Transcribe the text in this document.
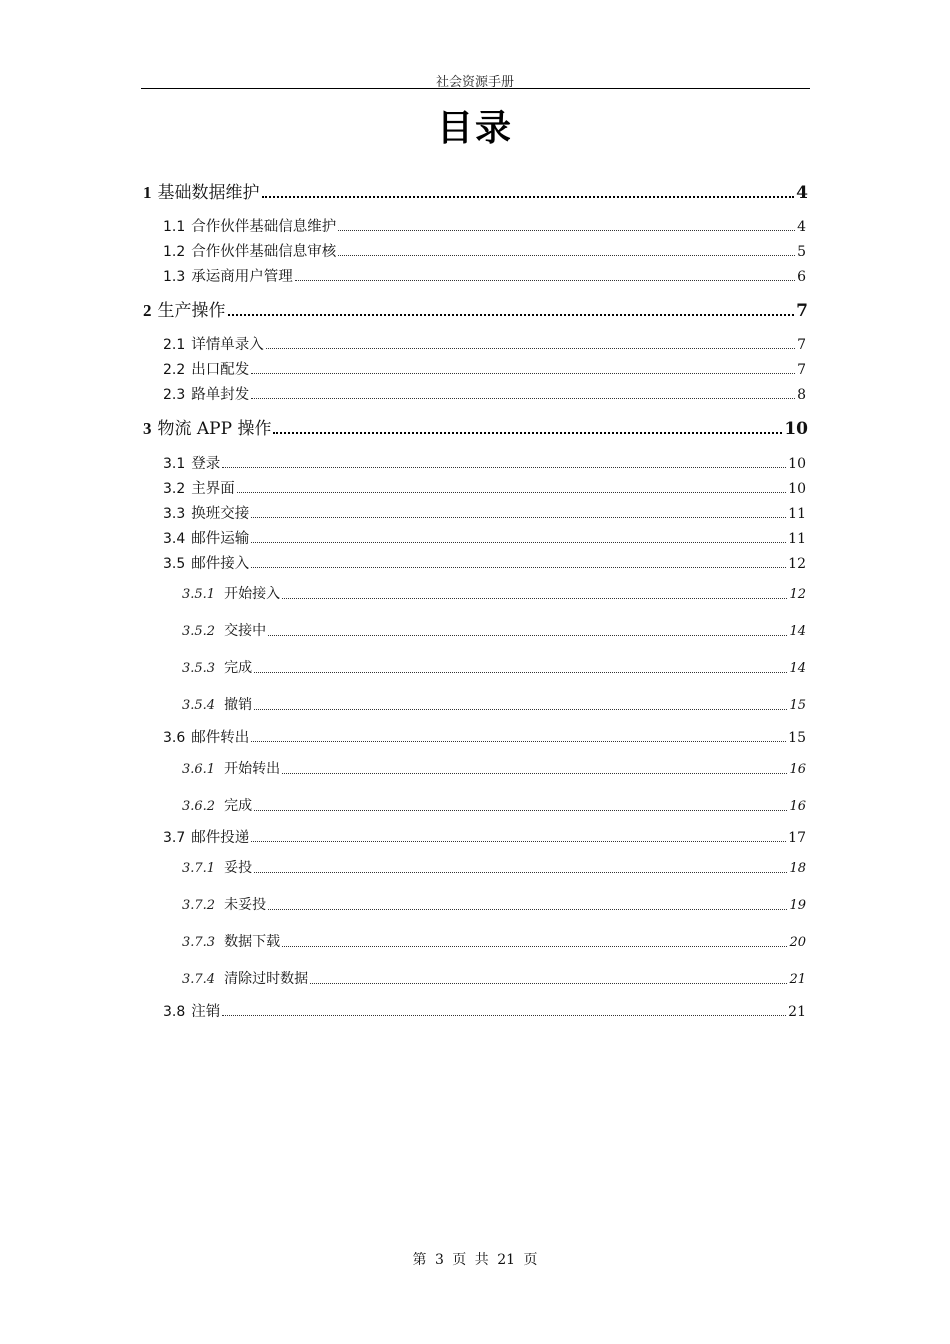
社会资源手册
目录
1 基础数据维护	4
1.1 合作伙伴基础信息维护	4
1.2 合作伙伴基础信息审核	5
1.3 承运商用户管理	6
2 生产操作	7
2.1 详情单录入	7
2.2 出口配发	7
2.3 路单封发	8
3 物流 APP 操作	10
3.1 登录	10
3.2 主界面	10
3.3 换班交接	11
3.4 邮件运输	11
3.5 邮件接入	12
3.5.1 开始接入	12
3.5.2 交接中	14
3.5.3 完成	14
3.5.4 撤销	15
3.6 邮件转出	15
3.6.1 开始转出	16
3.6.2 完成	16
3.7 邮件投递	17
3.7.1 妥投	18
3.7.2 未妥投	19
3.7.3 数据下载	20
3.7.4 清除过时数据	21
3.8 注销	21
第 3 页 共 21 页
